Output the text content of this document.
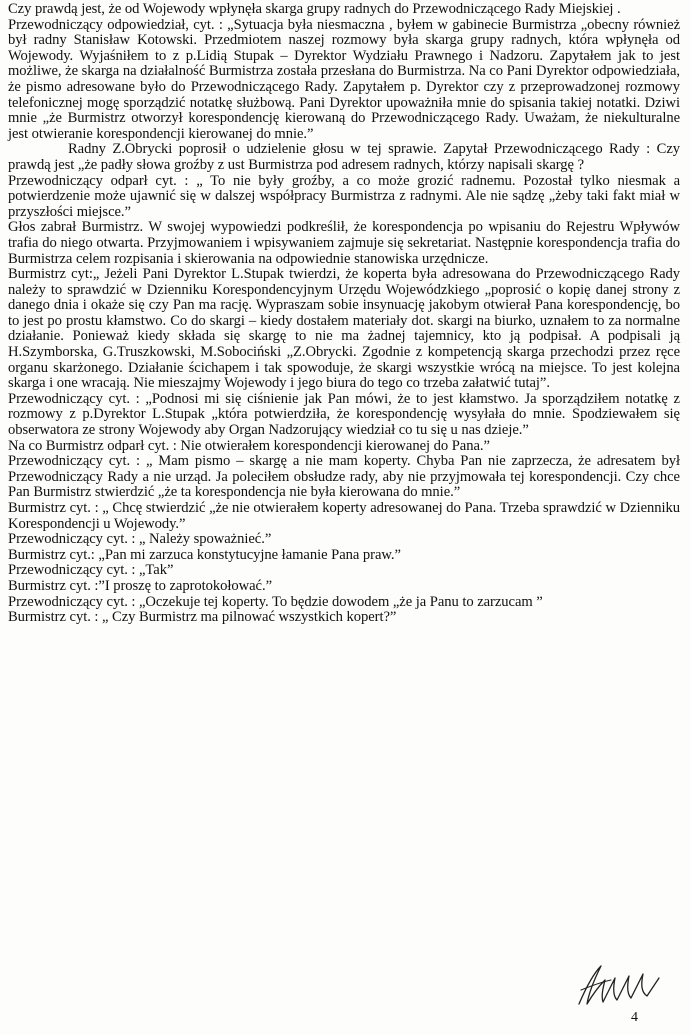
Czy prawdą jest, że od Wojewody wpłynęła skarga grupy radnych do Przewodniczącego Rady Miejskiej .

Przewodniczący odpowiedział, cyt. : „Sytuacja była niesmaczna , byłem w gabinecie Burmistrza „obecny również był radny Stanisław Kotowski. Przedmiotem naszej rozmowy była skarga grupy radnych, która wpłynęła od Wojewody. Wyjaśniłem to z p.Lidią Stupak – Dyrektor Wydziału Prawnego i Nadzoru. Zapytałem jak to jest możliwe, że skarga na działalność Burmistrza została przesłana do Burmistrza. Na co Pani Dyrektor odpowiedziała, że pismo adresowane było do Przewodniczącego Rady. Zapytałem p. Dyrektor czy z przeprowadzonej rozmowy telefonicznej mogę sporządzić notatkę służbową. Pani Dyrektor upoważniła mnie do spisania takiej notatki. Dziwi mnie „że Burmistrz otworzył korespondencję kierowaną do Przewodniczącego Rady. Uważam, że niekulturalne jest otwieranie korespondencji kierowanej do mnie.”

Radny Z.Obrycki poprosił o udzielenie głosu w tej sprawie. Zapytał Przewodniczącego Rady : Czy prawdą jest „że padły słowa groźby z ust Burmistrza pod adresem radnych, którzy napisali skargę ?

Przewodniczący odparł cyt. : „ To nie były groźby, a co może grozić radnemu. Pozostał tylko niesmak a potwierdzenie może ujawnić się w dalszej współpracy Burmistrza z radnymi. Ale nie sądzę „żeby taki fakt miał w przyszłości miejsce.”

Głos zabrał Burmistrz. W swojej wypowiedzi podkreślił, że korespondencja po wpisaniu do Rejestru Wpływów trafia do niego otwarta. Przyjmowaniem i wpisywaniem zajmuje się sekretariat. Następnie korespondencja trafia do Burmistrza celem rozpisania i skierowania na odpowiednie stanowiska urzędnicze.

Burmistrz cyt:„ Jeżeli Pani Dyrektor L.Stupak twierdzi, że koperta była adresowana do Przewodniczącego Rady należy to sprawdzić w Dzienniku Korespondencyjnym Urzędu Wojewódzkiego „poprosić o kopię danej strony z danego dnia i okaże się czy Pan ma rację. Wypraszam sobie insynuację jakobym otwierał Pana korespondencję, bo to jest po prostu kłamstwo. Co do skargi – kiedy dostałem materiały dot. skargi na biurko, uznałem to za normalne działanie. Ponieważ kiedy składa się skargę to nie ma żadnej tajemnicy, kto ją podpisał. A podpisali ją H.Szymborska, G.Truszkowski, M.Sobociński „Z.Obrycki. Zgodnie z kompetencją skarga przechodzi przez ręce organu skarżonego. Działanie ścichapem i tak spowoduje, że skargi wszystkie wrócą na miejsce. To jest kolejna skarga i one wracają. Nie mieszajmy Wojewody i jego biura do tego co trzeba załatwić tutaj”.

Przewodniczący cyt. : „Podnosi mi się ciśnienie jak Pan mówi, że to jest kłamstwo. Ja sporządziłem notatkę z rozmowy z p.Dyrektor L.Stupak „która potwierdziła, że korespondencję wysyłała do mnie. Spodziewałem się obserwatora ze strony Wojewody aby Organ Nadzorujący wiedział co tu się u nas dzieje.”

Na co Burmistrz odparł cyt. : Nie otwierałem korespondencji kierowanej do Pana.”

Przewodniczący cyt. : „ Mam pismo – skargę a nie mam koperty. Chyba Pan nie zaprzecza, że adresatem był Przewodniczący Rady a nie urząd. Ja poleciłem obsłudze rady, aby nie przyjmowała tej korespondencji. Czy chce Pan Burmistrz stwierdzić „że ta korespondencja nie była kierowana do mnie.”

Burmistrz cyt. : „ Chcę stwierdzić „że nie otwierałem koperty adresowanej do Pana. Trzeba sprawdzić w Dzienniku Korespondencji u Wojewody.”

Przewodniczący cyt. : „ Należy spoważnieć.”

Burmistrz cyt.: „Pan mi zarzuca konstytucyjne łamanie Pana praw.”

Przewodniczący cyt. : „Tak”

Burmistrz cyt. :”I proszę to zaprotokołować.”

Przewodniczący cyt. : „Oczekuje tej koperty. To będzie dowodem „że ja Panu to zarzucam ”

Burmistrz cyt. : „ Czy Burmistrz ma pilnować wszystkich kopert?”

4
